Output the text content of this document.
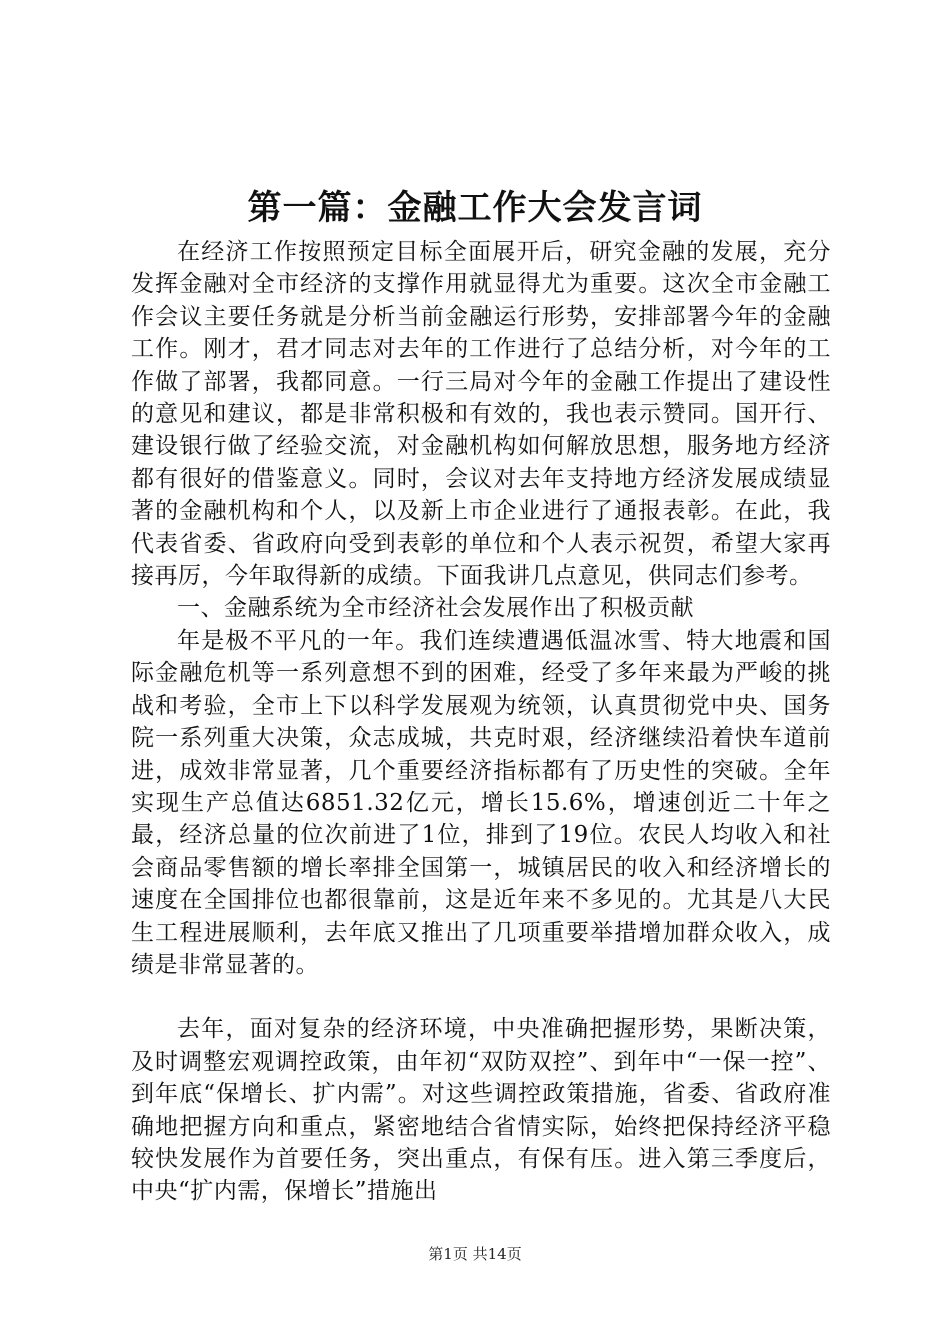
第一篇：金融工作大会发言词

在经济工作按照预定目标全面展开后，研究金融的发展，充分发挥金融对全市经济的支撑作用就显得尤为重要。这次全市金融工作会议主要任务就是分析当前金融运行形势，安排部署今年的金融工作。刚才，君才同志对去年的工作进行了总结分析，对今年的工作做了部署，我都同意。一行三局对今年的金融工作提出了建设性的意见和建议，都是非常积极和有效的，我也表示赞同。国开行、建设银行做了经验交流，对金融机构如何解放思想，服务地方经济都有很好的借鉴意义。同时，会议对去年支持地方经济发展成绩显著的金融机构和个人，以及新上市企业进行了通报表彰。在此，我代表省委、省政府向受到表彰的单位和个人表示祝贺，希望大家再接再厉，今年取得新的成绩。下面我讲几点意见，供同志们参考。

一、金融系统为全市经济社会发展作出了积极贡献

年是极不平凡的一年。我们连续遭遇低温冰雪、特大地震和国际金融危机等一系列意想不到的困难，经受了多年来最为严峻的挑战和考验，全市上下以科学发展观为统领，认真贯彻党中央、国务院一系列重大决策，众志成城，共克时艰，经济继续沿着快车道前进，成效非常显著，几个重要经济指标都有了历史性的突破。全年实现生产总值达6851.32亿元，增长15.6%，增速创近二十年之最，经济总量的位次前进了1位，排到了19位。农民人均收入和社会商品零售额的增长率排全国第一，城镇居民的收入和经济增长的速度在全国排位也都很靠前，这是近年来不多见的。尤其是八大民生工程进展顺利，去年底又推出了几项重要举措增加群众收入，成绩是非常显著的。

去年，面对复杂的经济环境，中央准确把握形势，果断决策，及时调整宏观调控政策，由年初“双防双控”、到年中“一保一控”、到年底“保增长、扩内需”。对这些调控政策措施，省委、省政府准确地把握方向和重点，紧密地结合省情实际，始终把保持经济平稳较快发展作为首要任务，突出重点，有保有压。进入第三季度后，中央“扩内需，保增长”措施出

第1页 共14页
